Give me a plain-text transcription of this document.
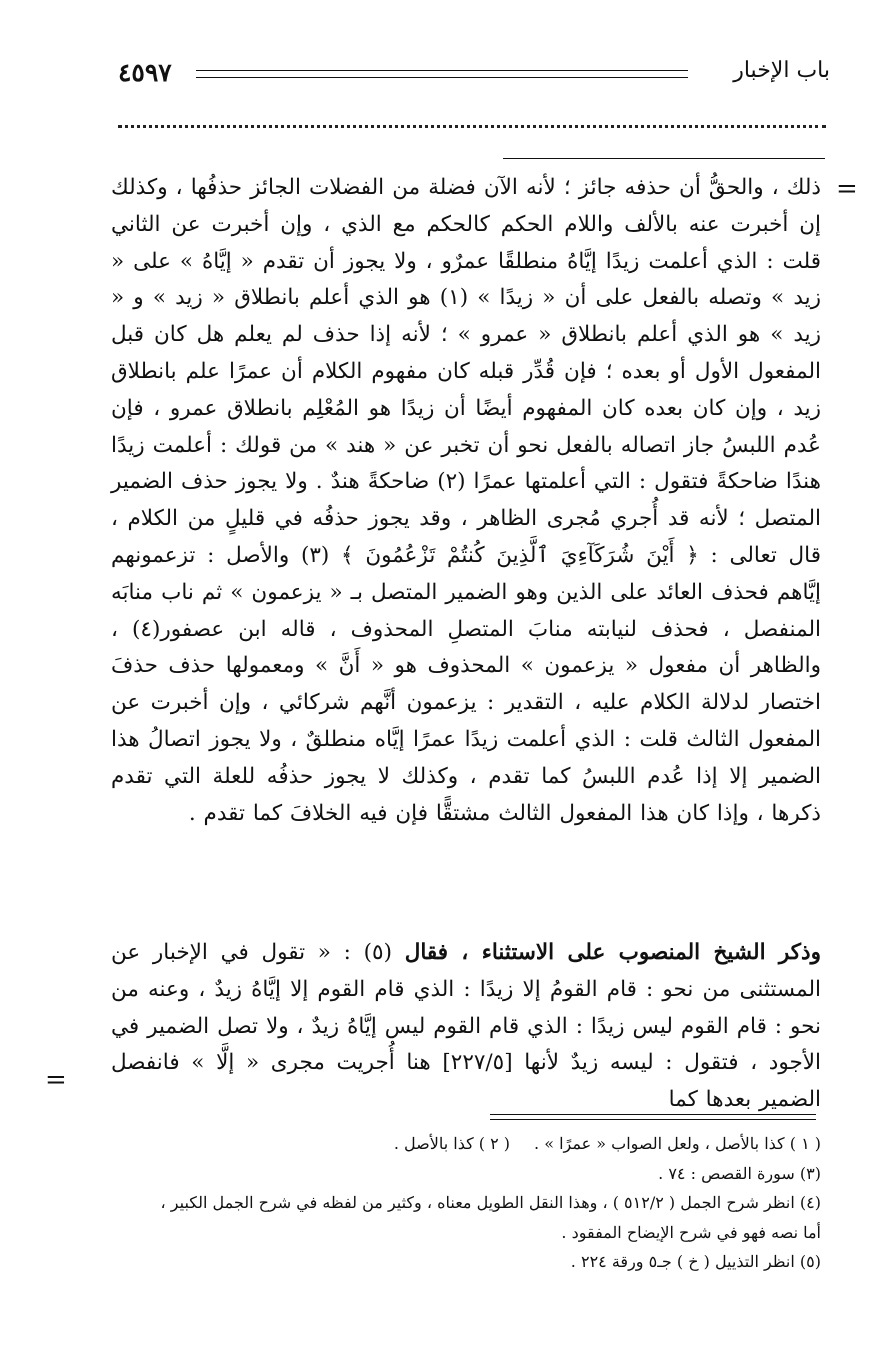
٤٥٩٧	باب الإخبار
=
ذلك ، والحقُّ أن حذفه جائز ؛ لأنه الآن فضلة من الفضلات الجائز حذفُها ، وكذلك إن أخبرت عنه بالألف واللام الحكم كالحكم مع الذي ، وإن أخبرت عن الثاني قلت : الذي أعلمت زيدًا إيَّاهُ منطلقًا عمرٌو ، ولا يجوز أن تقدم « إيَّاهُ » على « زيد » وتصله بالفعل على أن « زيدًا » (١) هو الذي أعلم بانطلاق « زيد » و « زيد » هو الذي أعلم بانطلاق « عمرو » ؛ لأنه إذا حذف لم يعلم هل كان قبل المفعول الأول أو بعده ؛ فإن قُدِّر قبله كان مفهوم الكلام أن عمرًا علم بانطلاق زيد ، وإن كان بعده كان المفهوم أيضًا أن زيدًا هو المُعْلِم بانطلاق عمرو ، فإن عُدم اللبسُ جاز اتصاله بالفعل نحو أن تخبر عن « هند » من قولك : أعلمت زيدًا هندًا ضاحكةً فتقول : التي أعلمتها عمرًا (٢) ضاحكةً هندٌ . ولا يجوز حذف الضمير المتصل ؛ لأنه قد أُجري مُجرى الظاهر ، وقد يجوز حذفُه في قليلٍ من الكلام ، قال تعالى : ﴿ أَيْنَ شُرَكَآءِيَ ٱلَّذِينَ كُنتُمْ تَزْعُمُونَ ﴾ (٣) والأصل : تزعمونهم إيَّاهم فحذف العائد على الذين وهو الضمير المتصل بـ « يزعمون » ثم ناب منابَه المنفصل ، فحذف لنيابته منابَ المتصلِ المحذوف ، قاله ابن عصفور(٤) ، والظاهر أن مفعول « يزعمون » المحذوف هو « أَنَّ » ومعمولها حذف حذفَ اختصار لدلالة الكلام عليه ، التقدير : يزعمون أنَّهم شركائي ، وإن أخبرت عن المفعول الثالث قلت : الذي أعلمت زيدًا عمرًا إيَّاه منطلقٌ ، ولا يجوز اتصالُ هذا الضمير إلا إذا عُدم اللبسُ كما تقدم ، وكذلك لا يجوز حذفُه للعلة التي تقدم ذكرها ، وإذا كان هذا المفعول الثالث مشتقًّا فإن فيه الخلافَ كما تقدم .
وذكر الشيخ المنصوب على الاستثناء ، فقال (٥) : « تقول في الإخبار عن المستثنى من نحو : قام القومُ إلا زيدًا : الذي قام القوم إلا إيَّاهُ زيدٌ ، وعنه من نحو : قام القوم ليس زيدًا : الذي قام القوم ليس إيَّاهُ زيدٌ ، ولا تصل الضمير في الأجود ، فتقول : ليسه زيدٌ لأنها [٢٢٧/٥] هنا أُجريت مجرى « إلَّا » فانفصل الضمير بعدها كما
=

( ١ ) كذا بالأصل ، ولعل الصواب « عمرًا » .( ٢ ) كذا بالأصل .

(٣) سورة القصص : ٧٤ .

(٤) انظر شرح الجمل ( ٥١٢/٢ ) ، وهذا النقل الطويل معناه ، وكثير من لفظه في شرح الجمل الكبير ،

أما نصه فهو في شرح الإيضاح المفقود .

(٥) انظر التذييل ( خ ) جـ٥ ورقة ٢٢٤ .
